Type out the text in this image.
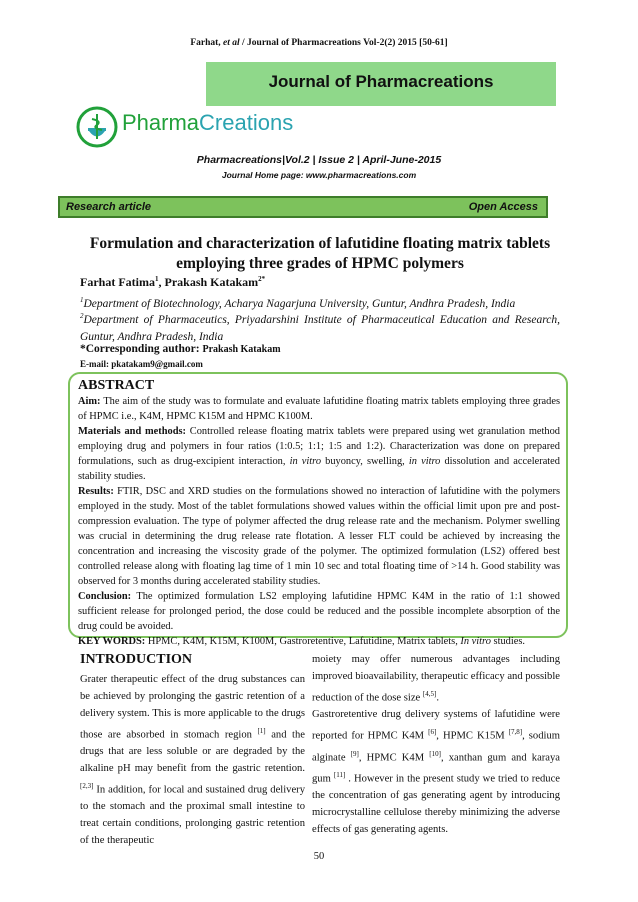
Farhat, et al / Journal of Pharmacreations Vol-2(2) 2015 [50-61]
Journal of Pharmacreations
PharmaCreations
Pharmacreations|Vol.2 | Issue 2 | April-June-2015
Journal Home page: www.pharmacreations.com
Research article	Open Access
Formulation and characterization of lafutidine floating matrix tablets
employing three grades of HPMC polymers
Farhat Fatima$^1$, Prakash Katakam$^{2*}$
$^1$Department of Biotechnology, Acharya Nagarjuna University, Guntur, Andhra Pradesh, India
$^2$Department of Pharmaceutics, Priyadarshini Institute of Pharmaceutical Education and Research, Guntur, Andhra Pradesh, India
*Corresponding author: Prakash Katakam
E-mail: pkatakam9@gmail.com
ABSTRACT

Aim: The aim of the study was to formulate and evaluate lafutidine floating matrix tablets employing three grades of HPMC i.e., K4M, HPMC K15M and HPMC K100M.

Materials and methods: Controlled release floating matrix tablets were prepared using wet granulation method employing drug and polymers in four ratios (1:0.5; 1:1; 1:5 and 1:2). Characterization was done on prepared formulations, such as drug-excipient interaction, in vitro buyoncy, swelling, in vitro dissolution and accelerated stability studies.

Results: FTIR, DSC and XRD studies on the formulations showed no interaction of lafutidine with the polymers employed in the study. Most of the tablet formulations showed values within the official limit upon pre and post- compression evaluation. The type of polymer affected the drug release rate and the mechanism. Polymer swelling was crucial in determining the drug release rate flotation. A lesser FLT could be achieved by increasing the concentration and increasing the viscosity grade of the polymer. The optimized formulation (LS2) offered best controlled release along with floating lag time of 1 min 10 sec and total floating time of >14 h. Good stability was observed for 3 months during accelerated stability studies.

Conclusion: The optimized formulation LS2 employing lafutidine HPMC K4M in the ratio of 1:1 showed sufficient release for prolonged period, the dose could be reduced and the possible incomplete absorption of the drug could be avoided.

KEY WORDS: HPMC, K4M, K15M, K100M, Gastroretentive, Lafutidine, Matrix tablets, In vitro studies.

INTRODUCTION
Grater therapeutic effect of the drug substances can be achieved by prolonging the gastric retention of a delivery system. This is more applicable to the drugs those are absorbed in stomach region [1] and the drugs that are less soluble or are degraded by the alkaline pH may benefit from the gastric retention. [2,3] In addition, for local and sustained drug delivery to the stomach and the proximal small intestine to treat certain conditions, prolonging gastric retention of the therapeutic
moiety may offer numerous advantages including improved bioavailability, therapeutic efficacy and possible reduction of the dose size [4,5].
Gastroretentive drug delivery systems of lafutidine were reported for HPMC K4M [6], HPMC K15M [7,8], sodium alginate [9], HPMC K4M [10], xanthan gum and karaya gum [11] . However in the present study we tried to reduce the concentration of gas generating agent by introducing microcrystalline cellulose thereby minimizing the adverse effects of gas generating agents.
50
